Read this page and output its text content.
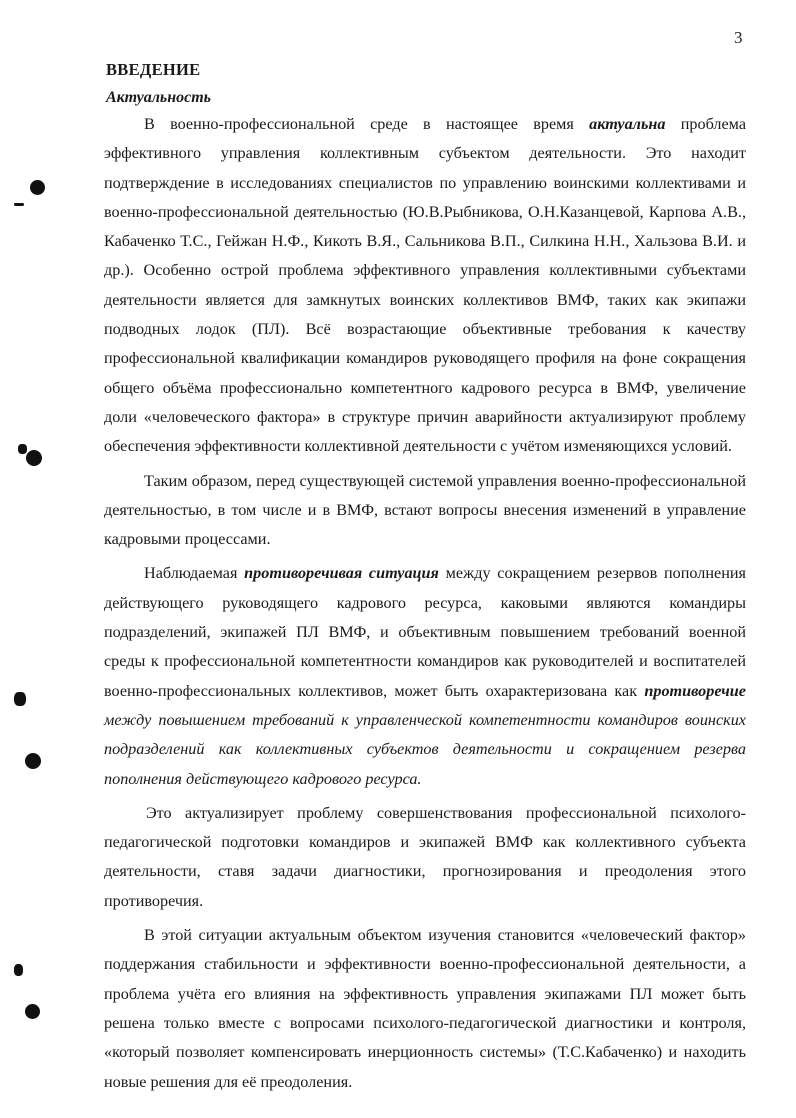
3
ВВЕДЕНИЕ
Актуальность

В военно-профессиональной среде в настоящее время актуальна проблема эффективного управления коллективным субъектом деятельности. Это находит подтверждение в исследованиях специалистов по управлению воинскими коллективами и военно-профессиональной деятельностью (Ю.В.Рыбникова, О.Н.Казанцевой, Карпова А.В., Кабаченко Т.С., Гейжан Н.Ф., Кикоть В.Я., Сальникова В.П., Силкина Н.Н., Хальзова В.И. и др.). Особенно острой проблема эффективного управления коллективными субъектами деятельности является для замкнутых воинских коллективов ВМФ, таких как экипажи подводных лодок (ПЛ). Всё возрастающие объективные требования к качеству профессиональной квалификации командиров руководящего профиля на фоне сокращения общего объёма профессионально компетентного кадрового ресурса в ВМФ, увеличение доли «человеческого фактора» в структуре причин аварийности актуализируют проблему обеспечения эффективности коллективной деятельности с учётом изменяющихся условий.

Таким образом, перед существующей системой управления военно-профессиональной деятельностью, в том числе и в ВМФ, встают вопросы внесения изменений в управление кадровыми процессами.

Наблюдаемая противоречивая ситуация между сокращением резервов пополнения действующего руководящего кадрового ресурса, каковыми являются командиры подразделений, экипажей ПЛ ВМФ, и объективным повышением требований военной среды к профессиональной компетентности командиров как руководителей и воспитателей военно-профессиональных коллективов, может быть охарактеризована как противоречие между повышением требований к управленческой компетентности командиров воинских подразделений как коллективных субъектов деятельности и сокращением резерва пополнения действующего кадрового ресурса.

Это актуализирует проблему совершенствования профессиональной психолого-педагогической подготовки командиров и экипажей ВМФ как коллективного субъекта деятельности, ставя задачи диагностики, прогнозирования и преодоления этого противоречия.

В этой ситуации актуальным объектом изучения становится «человеческий фактор» поддержания стабильности и эффективности военно-профессиональной деятельности, а проблема учёта его влияния на эффективность управления экипажами ПЛ может быть решена только вместе с вопросами психолого-педагогической диагностики и контроля, «который позволяет компенсировать инерционность системы» (Т.С.Кабаченко) и находить новые решения для её преодоления.
